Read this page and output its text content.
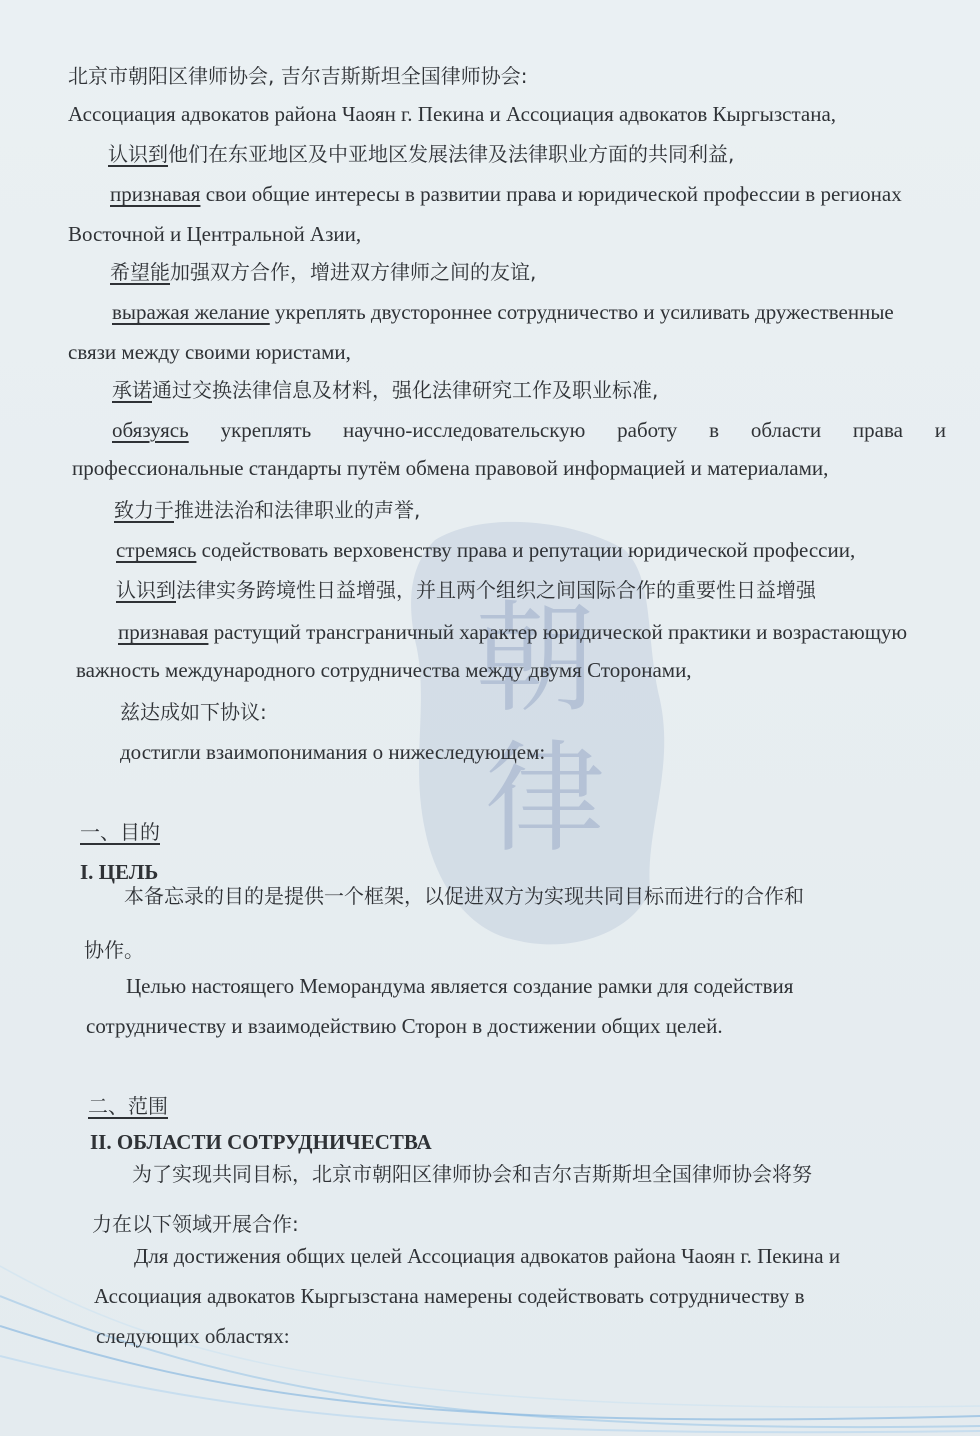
朝
律
北京市朝阳区律师协会, 吉尔吉斯斯坦全国律师协会:
Ассоциация адвокатов района Чаоян г. Пекина и Ассоциация адвокатов Кыргызстана,
认识到他们在东亚地区及中亚地区发展法律及法律职业方面的共同利益,
признавая свои общие интересы в развитии права и юридической профессии в регионах
Восточной и Центральной Азии,
希望能加强双方合作，增进双方律师之间的友谊,
выражая желание укреплять двустороннее сотрудничество и усиливать дружественные
связи между своими юристами,
承诺通过交换法律信息及材料，强化法律研究工作及职业标准,
обязуясь укреплять научно-исследовательскую работу в области права и
профессиональные стандарты путём обмена правовой информацией и материалами,
致力于推进法治和法律职业的声誉,
стремясь содействовать верховенству права и репутации юридической профессии,
认识到法律实务跨境性日益增强，并且两个组织之间国际合作的重要性日益增强
признавая растущий трансграничный характер юридической практики и возрастающую
важность международного сотрудничества между двумя Сторонами,
兹达成如下协议:
достигли взаимопонимания о нижеследующем:
一、目的
I. ЦЕЛЬ
本备忘录的目的是提供一个框架，以促进双方为实现共同目标而进行的合作和
协作。
Целью настоящего Меморандума является создание рамки для содействия
сотрудничеству и взаимодействию Сторон в достижении общих целей.
二、范围
II. ОБЛАСТИ СОТРУДНИЧЕСТВА
为了实现共同目标，北京市朝阳区律师协会和吉尔吉斯斯坦全国律师协会将努
力在以下领域开展合作:
Для достижения общих целей Ассоциация адвокатов района Чаоян г. Пекина и
Ассоциация адвокатов Кыргызстана намерены содействовать сотрудничеству в
следующих областях:
